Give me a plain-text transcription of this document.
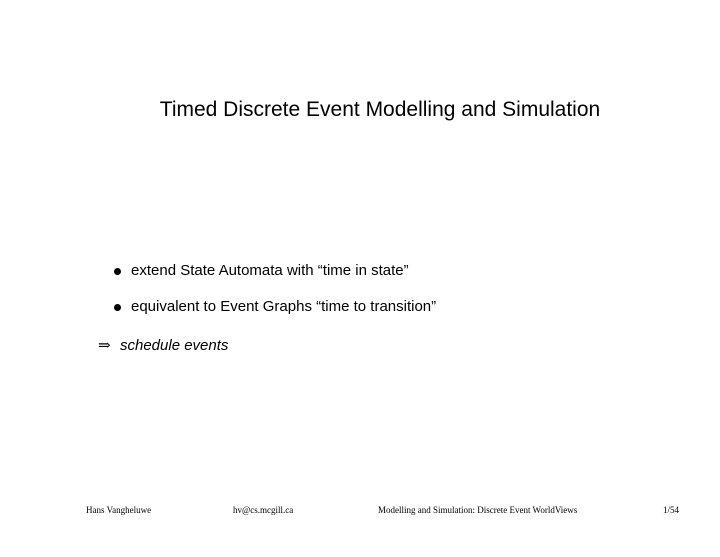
Timed Discrete Event Modelling and Simulation
extend State Automata with “time in state”
equivalent to Event Graphs “time to transition”
⇒ schedule events
Hans Vangheluwe	hv@cs.mcgill.ca	Modelling and Simulation: Discrete Event WorldViews	1/54
